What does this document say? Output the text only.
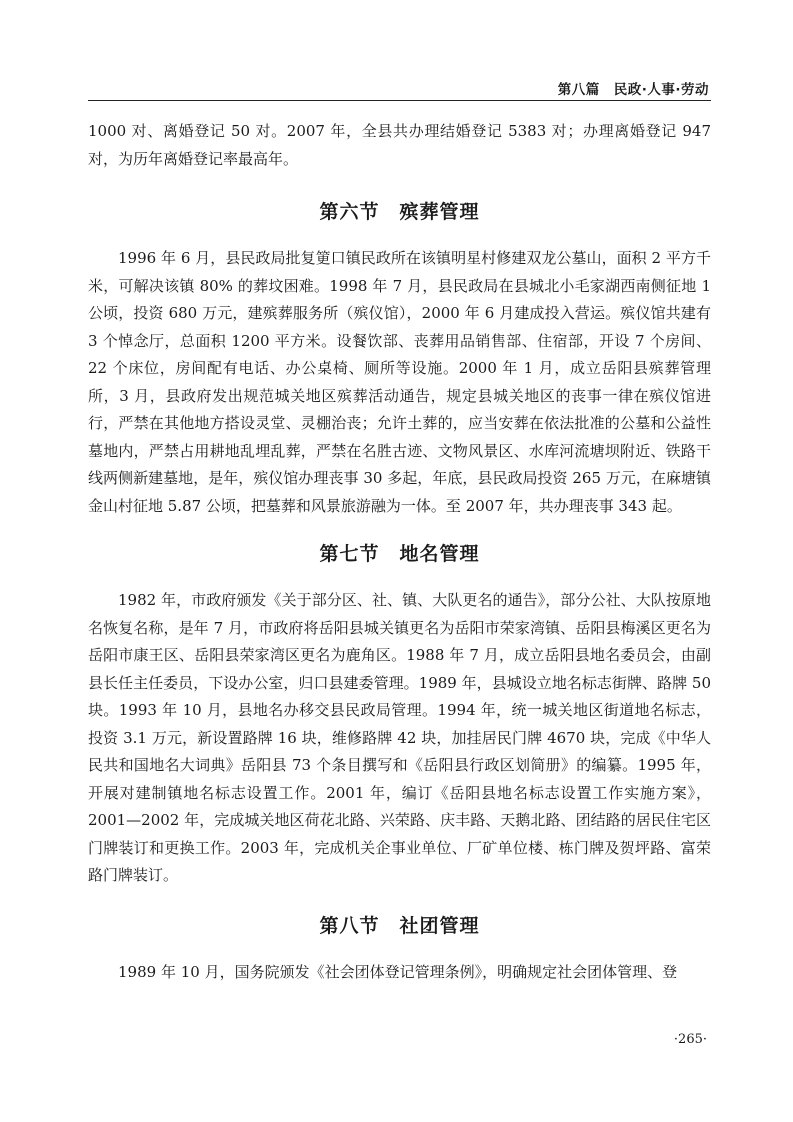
第八篇　民政·人事·劳动

1000 对、离婚登记 50 对。2007 年，全县共办理结婚登记 5383 对；办理离婚登记 947 对，为历年离婚登记率最高年。

第六节　殡葬管理

1996 年 6 月，县民政局批复筻口镇民政所在该镇明星村修建双龙公墓山，面积 2 平方千米，可解决该镇 80% 的葬坟困难。1998 年 7 月，县民政局在县城北小毛家湖西南侧征地 1 公顷，投资 680 万元，建殡葬服务所（殡仪馆），2000 年 6 月建成投入营运。殡仪馆共建有 3 个悼念厅，总面积 1200 平方米。设餐饮部、丧葬用品销售部、住宿部，开设 7 个房间、22 个床位，房间配有电话、办公桌椅、厕所等设施。2000 年 1 月，成立岳阳县殡葬管理所，3 月，县政府发出规范城关地区殡葬活动通告，规定县城关地区的丧事一律在殡仪馆进行，严禁在其他地方搭设灵堂、灵棚治丧；允许土葬的，应当安葬在依法批准的公墓和公益性墓地内，严禁占用耕地乱埋乱葬，严禁在名胜古迹、文物风景区、水库河流塘坝附近、铁路干线两侧新建墓地，是年，殡仪馆办理丧事 30 多起，年底，县民政局投资 265 万元，在麻塘镇金山村征地 5.87 公顷，把墓葬和风景旅游融为一体。至 2007 年，共办理丧事 343 起。

第七节　地名管理

1982 年，市政府颁发《关于部分区、社、镇、大队更名的通告》，部分公社、大队按原地名恢复名称，是年 7 月，市政府将岳阳县城关镇更名为岳阳市荣家湾镇、岳阳县梅溪区更名为岳阳市康王区、岳阳县荣家湾区更名为鹿角区。1988 年 7 月，成立岳阳县地名委员会，由副县长任主任委员，下设办公室，归口县建委管理。1989 年，县城设立地名标志街牌、路牌 50 块。1993 年 10 月，县地名办移交县民政局管理。1994 年，统一城关地区街道地名标志，投资 3.1 万元，新设置路牌 16 块，维修路牌 42 块，加挂居民门牌 4670 块，完成《中华人民共和国地名大词典》岳阳县 73 个条目撰写和《岳阳县行政区划简册》的编纂。1995 年，开展对建制镇地名标志设置工作。2001 年，编订《岳阳县地名标志设置工作实施方案》，2001—2002 年，完成城关地区荷花北路、兴荣路、庆丰路、天鹅北路、团结路的居民住宅区门牌装订和更换工作。2003 年，完成机关企事业单位、厂矿单位楼、栋门牌及贺坪路、富荣路门牌装订。

第八节　社团管理

1989 年 10 月，国务院颁发《社会团体登记管理条例》，明确规定社会团体管理、登

·265·
